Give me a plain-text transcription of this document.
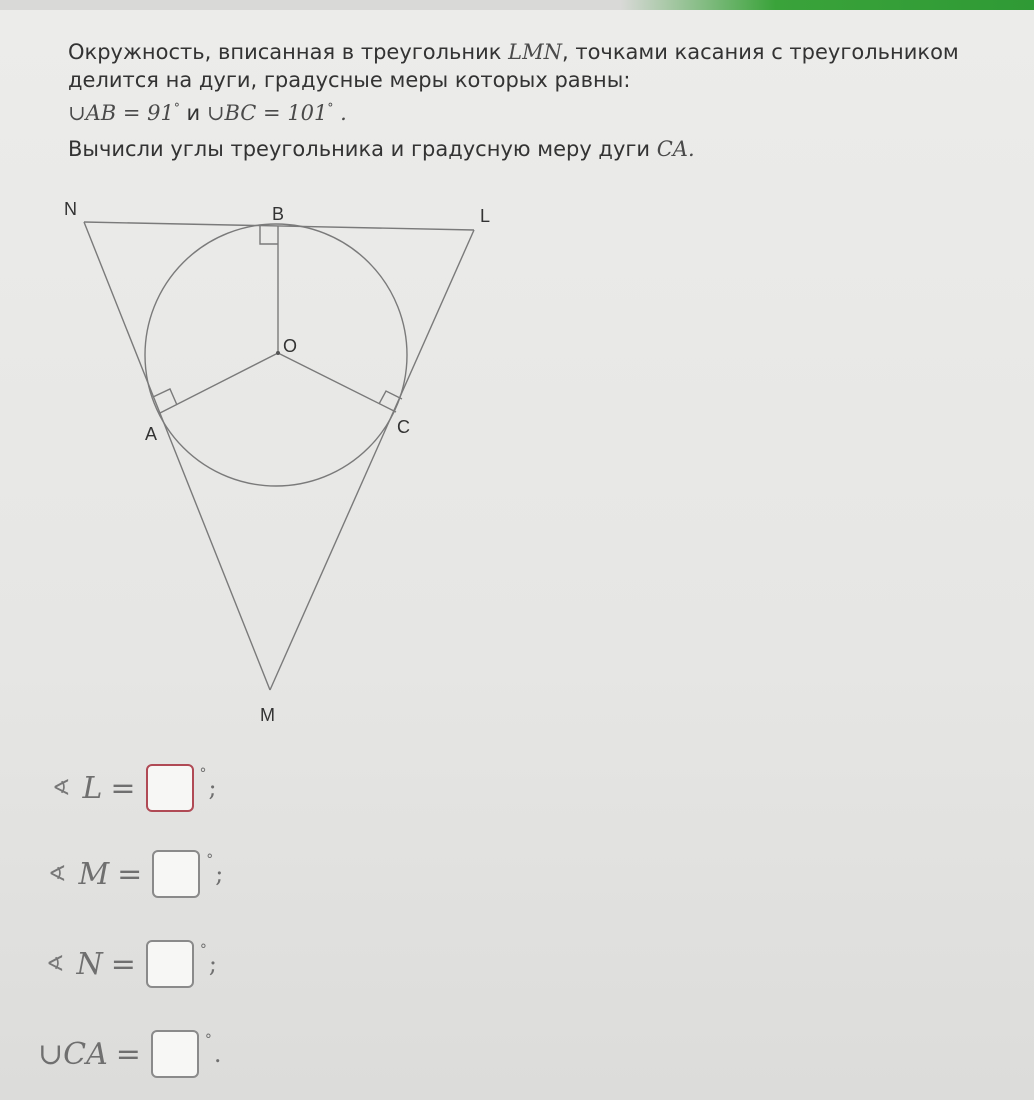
Окружность, вписанная в треугольник LMN, точками касания с треугольником
делится на дуги, градусные меры которых равны:
∪AB = 91° и ∪BC = 101° .
Вычисли углы треугольника и градусную меру дуги CA.
N	B	L
O
A	C
M
∢ L =	° ;
∢ M =	° ;
∢ N =	° ;
∪ CA =	° .
